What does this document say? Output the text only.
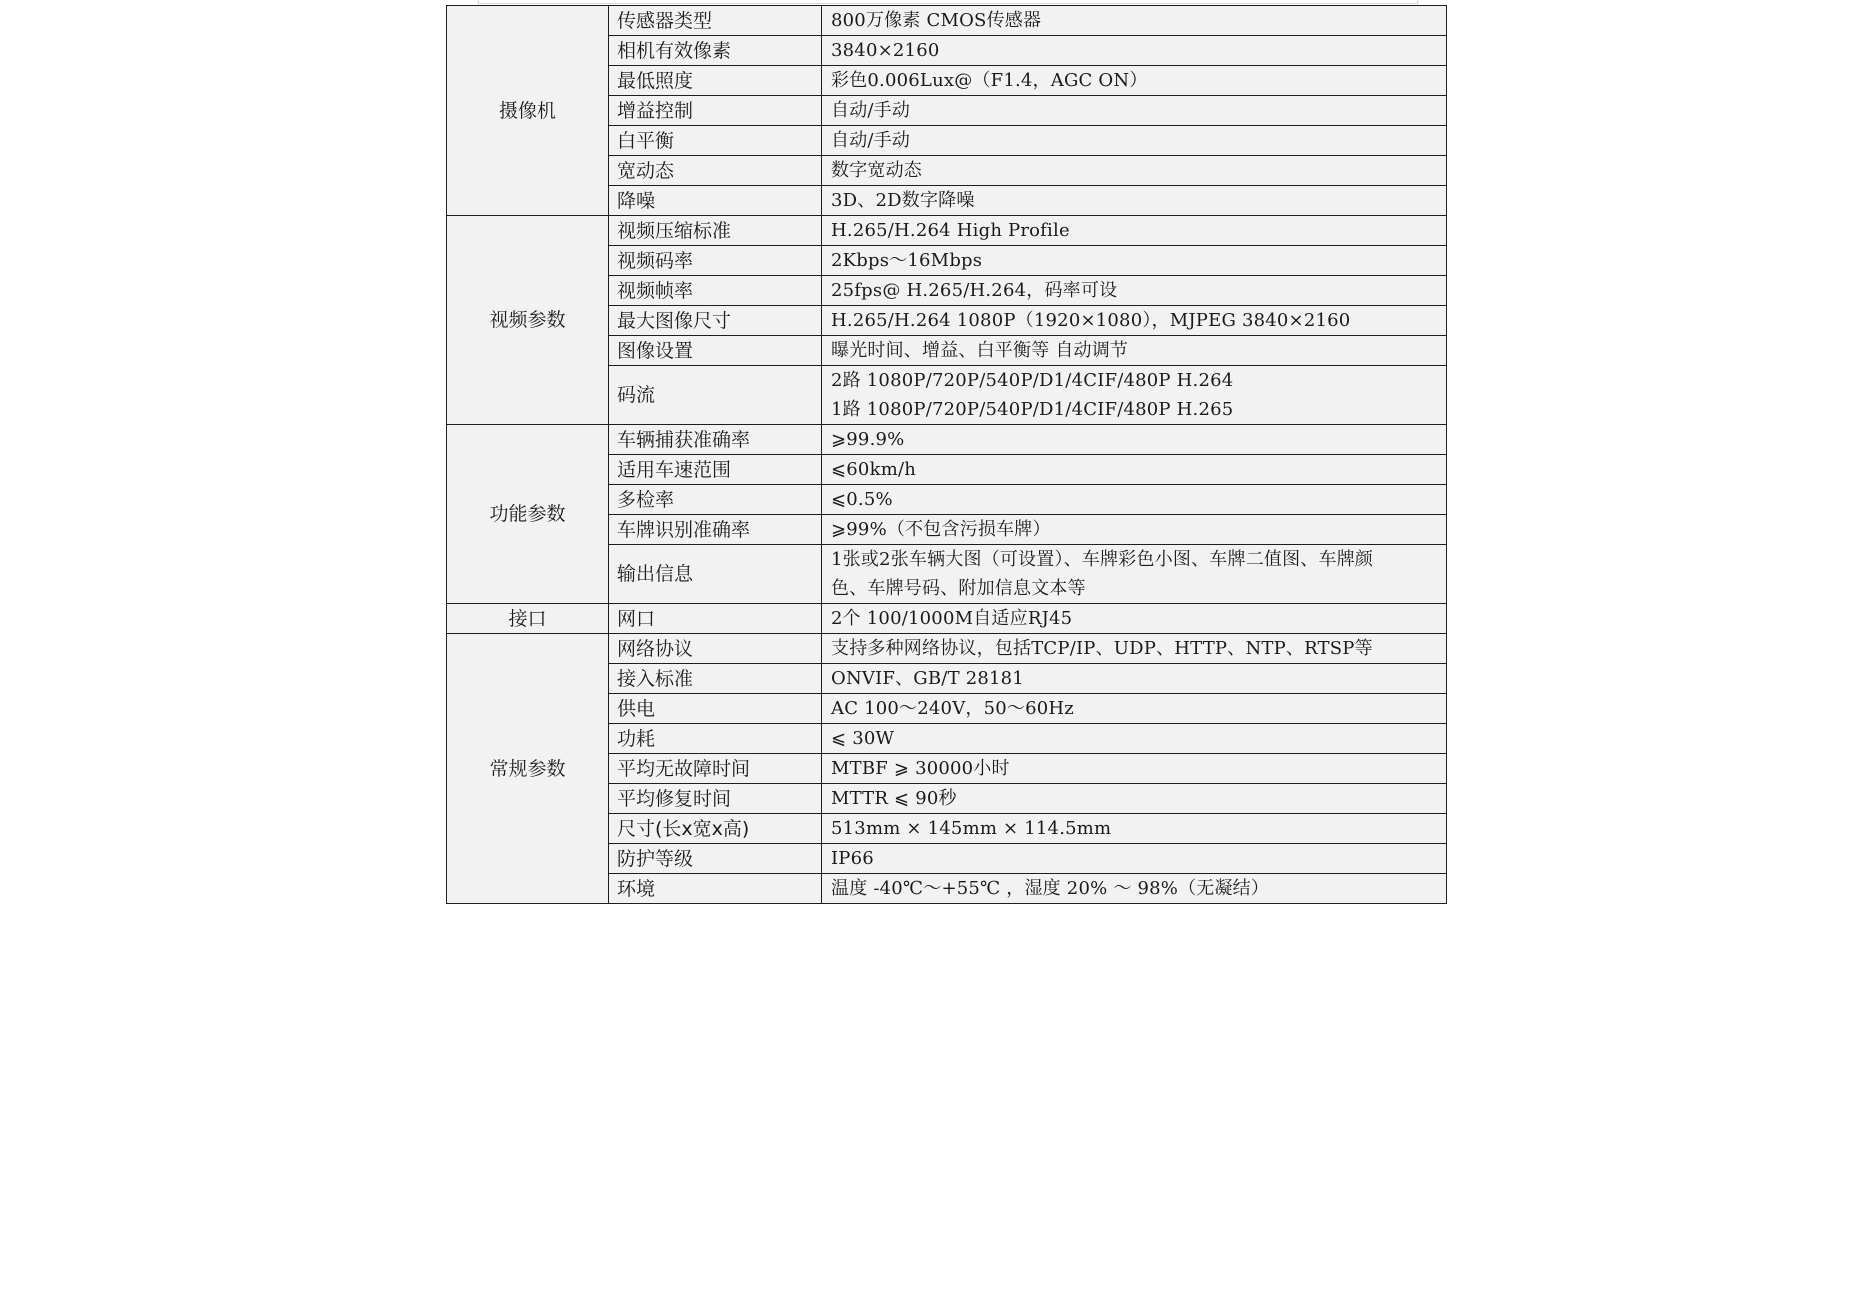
摄像机	传感器类型	800万像素 CMOS传感器

	相机有效像素	3840×2160

	最低照度	彩色0.006Lux@（F1.4，AGC ON）

	增益控制	自动/手动

	白平衡	自动/手动

	宽动态	数字宽动态

	降噪	3D、2D数字降噪

视频参数	视频压缩标准	H.265/H.264 High Profile

	视频码率	2Kbps～16Mbps

	视频帧率	25fps@ H.265/H.264，码率可设

	最大图像尺寸	H.265/H.264 1080P（1920×1080），MJPEG 3840×2160

	图像设置	曝光时间、增益、白平衡等 自动调节

	码流	2路 1080P/720P/540P/D1/4CIF/480P H.264
1路 1080P/720P/540P/D1/4CIF/480P H.265

功能参数	车辆捕获准确率	⩾99.9%

	适用车速范围	⩽60km/h

	多检率	⩽0.5%

	车牌识别准确率	⩾99%（不包含污损车牌）

	输出信息	1张或2张车辆大图（可设置）、车牌彩色小图、车牌二值图、车牌颜
色、车牌号码、附加信息文本等

接口	网口	2个 100/1000M自适应RJ45

常规参数	网络协议	支持多种网络协议，包括TCP/IP、UDP、HTTP、NTP、RTSP等

	接入标准	ONVIF、GB/T 28181

	供电	AC 100～240V，50～60Hz

	功耗	⩽ 30W

	平均无故障时间	MTBF ⩾ 30000小时

	平均修复时间	MTTR ⩽ 90秒

	尺寸(长x宽x高)	513mm × 145mm × 114.5mm

	防护等级	IP66

	环境	温度 -40℃～+55℃ ，湿度 20% ～ 98%（无凝结）
